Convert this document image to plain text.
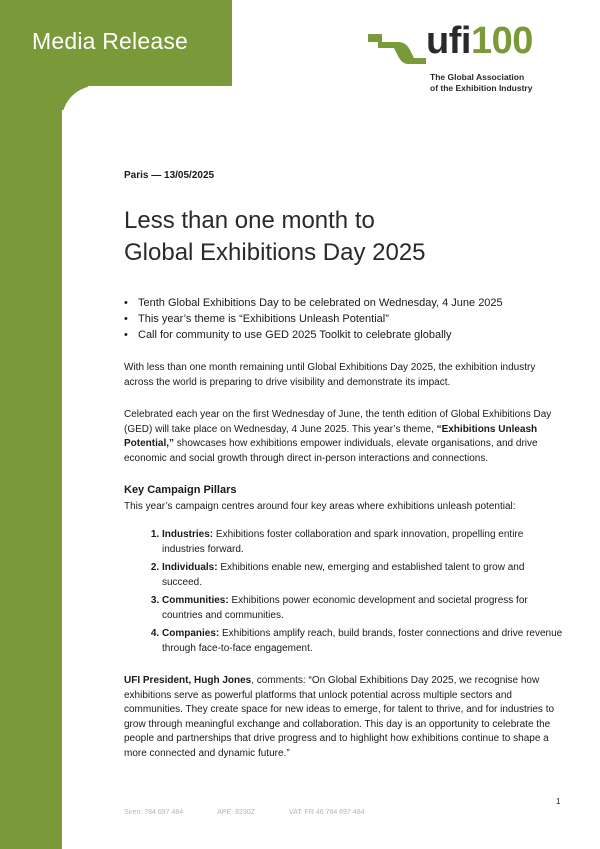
Media Release	ufi100
The Global Association
of the Exhibition Industry

Paris — 13/05/2025

Less than one month to
Global Exhibitions Day 2025
• Tenth Global Exhibitions Day to be celebrated on Wednesday, 4 June 2025
• This year’s theme is “Exhibitions Unleash Potential”
• Call for community to use GED 2025 Toolkit to celebrate globally

With less than one month remaining until Global Exhibitions Day 2025, the exhibition industry across the world is preparing to drive visibility and demonstrate its impact.

Celebrated each year on the first Wednesday of June, the tenth edition of Global Exhibitions Day (GED) will take place on Wednesday, 4 June 2025. This year’s theme, “Exhibitions Unleash Potential,” showcases how exhibitions empower individuals, elevate organisations, and drive economic and social growth through direct in-person interactions and connections.

Key Campaign Pillars
This year’s campaign centres around four key areas where exhibitions unleash potential:
1. Industries: Exhibitions foster collaboration and spark innovation, propelling entire industries forward.
2. Individuals: Exhibitions enable new, emerging and established talent to grow and succeed.
3. Communities: Exhibitions power economic development and societal progress for countries and communities.
4. Companies: Exhibitions amplify reach, build brands, foster connections and drive revenue through face-to-face engagement.

UFI President, Hugh Jones, comments: “On Global Exhibitions Day 2025, we recognise how exhibitions serve as powerful platforms that unlock potential across multiple sectors and communities. They create space for new ideas to emerge, for talent to thrive, and for industries to grow through meaningful exchange and collaboration. This day is an opportunity to celebrate the people and partnerships that drive progress and to highlight how exhibitions continue to shape a more connected and dynamic future.”

1
Siren: 784 697 484	APE: 8230Z	VAT: FR 46 784 697 484
